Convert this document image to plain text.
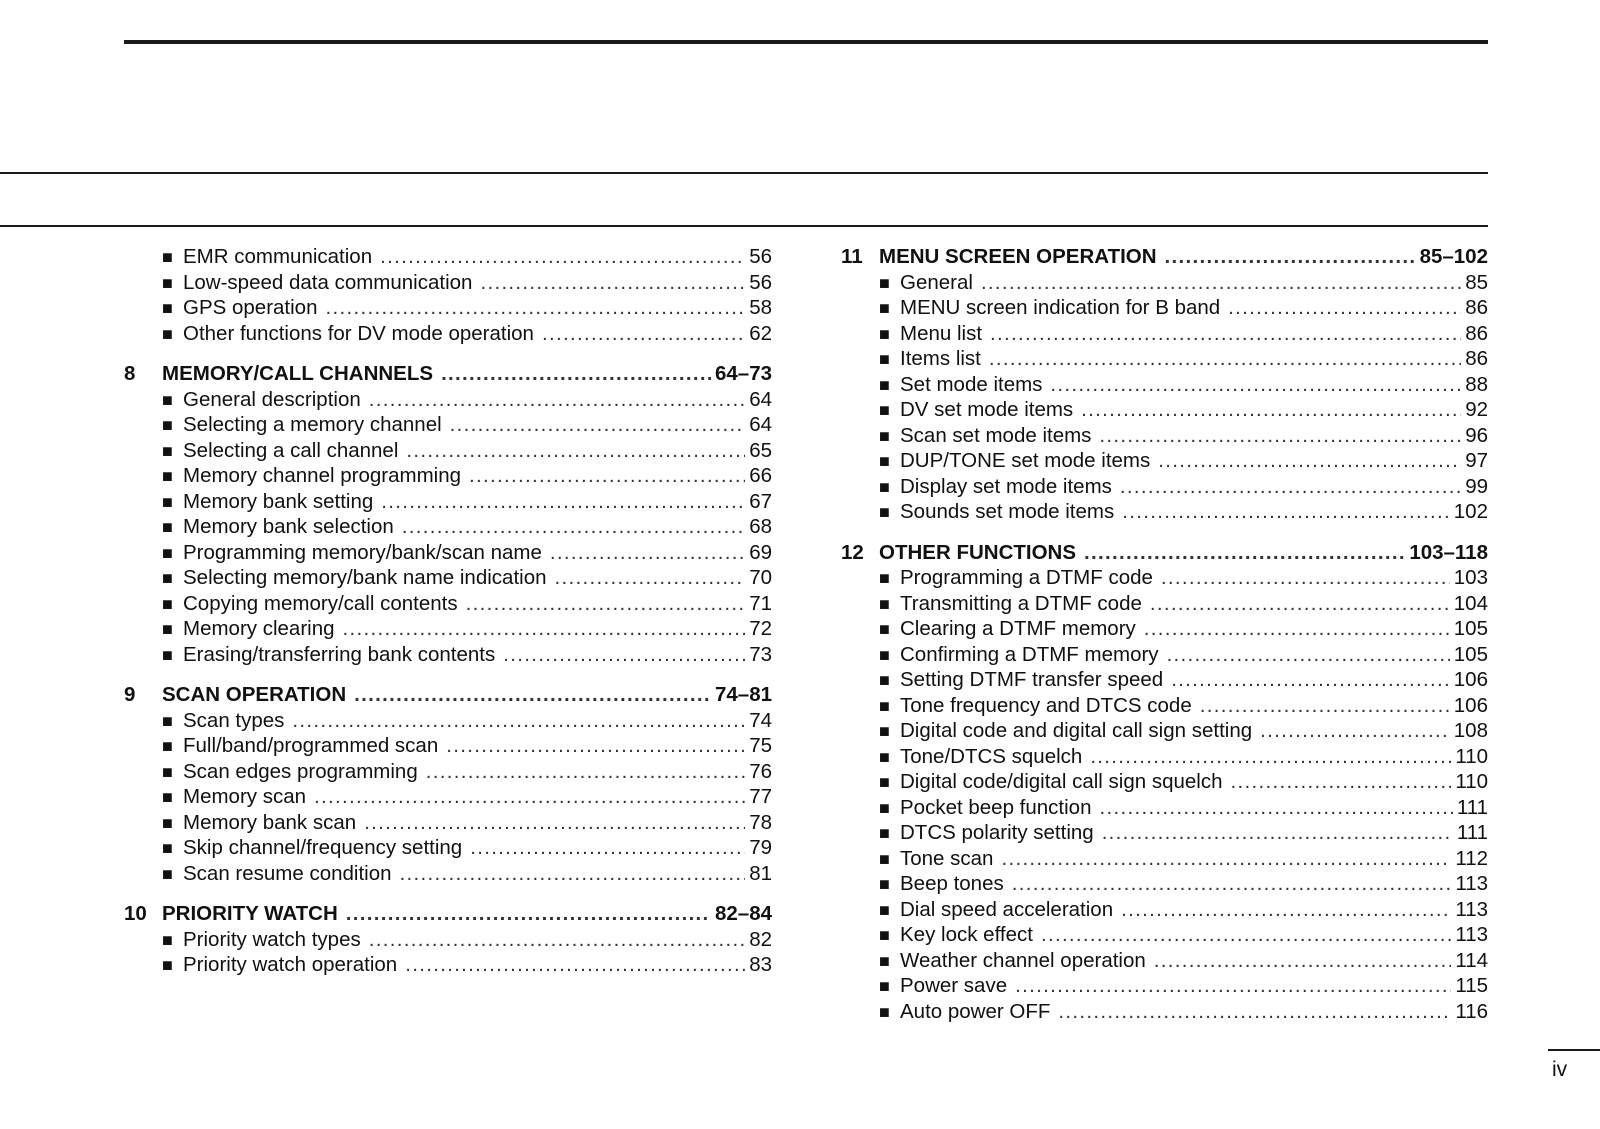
■ EMR communication .....	56
■ Low-speed data communication .....	56
■ GPS operation .....	58
■ Other functions for DV mode operation .....	62
8	MEMORY/CALL CHANNELS .....	64–73
■ General description .....	64
■ Selecting a memory channel .....	64
■ Selecting a call channel .....	65
■ Memory channel programming .....	66
■ Memory bank setting .....	67
■ Memory bank selection .....	68
■ Programming memory/bank/scan name .....	69
■ Selecting memory/bank name indication .....	70
■ Copying memory/call contents .....	71
■ Memory clearing .....	72
■ Erasing/transferring bank contents .....	73
9	SCAN OPERATION .....	74–81
■ Scan types .....	74
■ Full/band/programmed scan .....	75
■ Scan edges programming .....	76
■ Memory scan .....	77
■ Memory bank scan .....	78
■ Skip channel/frequency setting .....	79
■ Scan resume condition .....	81
10 PRIORITY WATCH .....	82–84
■ Priority watch types .....	82
■ Priority watch operation .....	83
11 MENU SCREEN OPERATION .....	85–102
■ General .....	85
■ MENU screen indication for B band .....	86
■ Menu list .....	86
■ Items list .....	86
■ Set mode items .....	88
■ DV set mode items .....	92
■ Scan set mode items .....	96
■ DUP/TONE set mode items .....	97
■ Display set mode items .....	99
■ Sounds set mode items .....	102
12 OTHER FUNCTIONS .....	103–118
■ Programming a DTMF code .....	103
■ Transmitting a DTMF code .....	104
■ Clearing a DTMF memory .....	105
■ Confirming a DTMF memory .....	105
■ Setting DTMF transfer speed .....	106
■ Tone frequency and DTCS code .....	106
■ Digital code and digital call sign setting .....	108
■ Tone/DTCS squelch .....	110
■ Digital code/digital call sign squelch .....	110
■ Pocket beep function .....	111
■ DTCS polarity setting .....	111
■ Tone scan .....	112
■ Beep tones .....	113
■ Dial speed acceleration .....	113
■ Key lock effect .....	113
■ Weather channel operation .....	114
■ Power save .....	115
■ Auto power OFF .....	116
iv
